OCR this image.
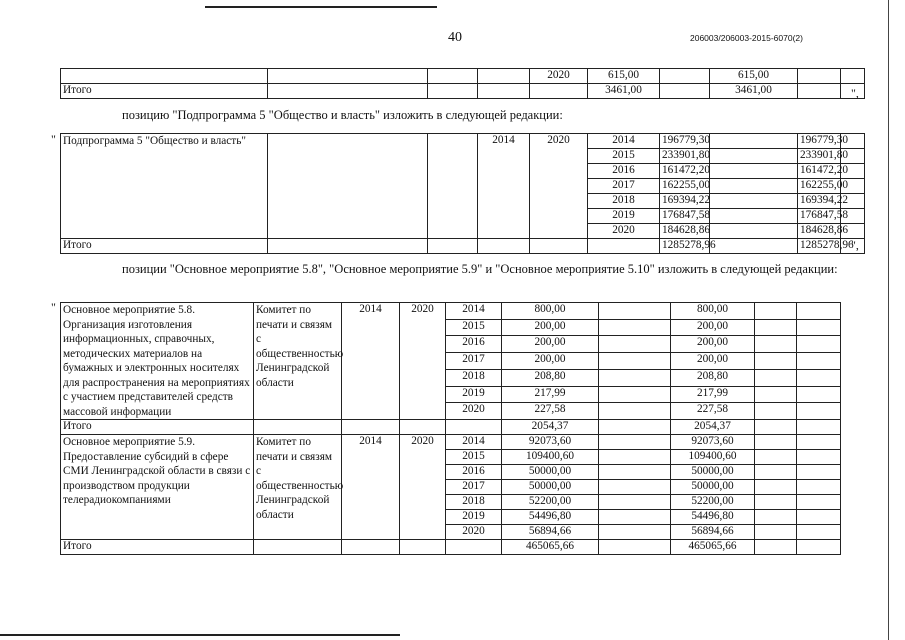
40	206003/206003-2015-6070(2)
				2020	615,00		615,00		
Итого					3461,00		3461,00			",
позицию "Подпрограмма 5 "Общество и власть" изложить в следующей редакции:
" Подпрограмма 5 "Общество и власть"			2014	2020	2014	196779,30		196779,30		
					2015	233901,80		233901,80		
					2016	161472,20		161472,20		
					2017	162255,00		162255,00		
					2018	169394,22		169394,22		
					2019	176847,58		176847,58		
					2020	184628,86		184628,86		
Итого						1285278,96		1285278,96		
",
позиции "Основное мероприятие 5.8", "Основное мероприятие 5.9" и "Основное мероприятие 5.10" изложить в следующей редакции:
" Основное мероприятие 5.8. Организация изготовления информационных, справочных, методических материалов на бумажных и электронных носителях для распространения на мероприятиях с участием представителей средств массовой информации	Комитет по печати и связям с общественностью Ленинградской области	2014	2020	2014	800,00		800,00		
				2015	200,00		200,00		
				2016	200,00		200,00		
				2017	200,00		200,00		
				2018	208,80		208,80		
				2019	217,99		217,99		
				2020	227,58		227,58		
Итого					2054,37		2054,37		
Основное мероприятие 5.9. Предоставление субсидий в сфере СМИ Ленинградской области в связи с производством продукции телерадиокомпаниями	Комитет по печати и связям с общественностью Ленинградской области	2014	2020	2014	92073,60		92073,60		
				2015	109400,60		109400,60		
				2016	50000,00		50000,00		
				2017	50000,00		50000,00		
				2018	52200,00		52200,00		
				2019	54496,80		54496,80		
				2020	56894,66		56894,66		
Итого					465065,66		465065,66		
